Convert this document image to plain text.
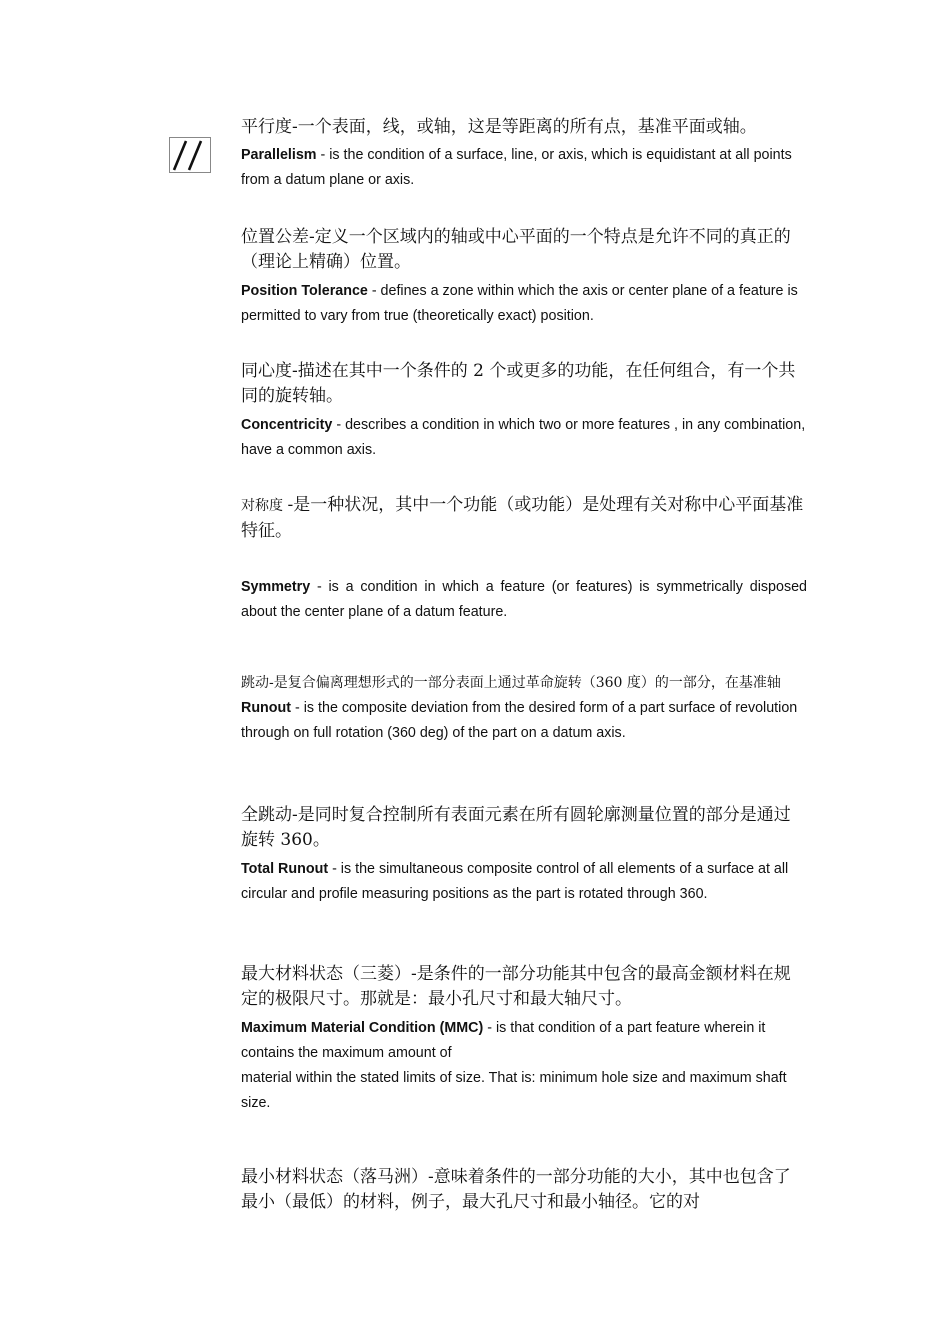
平行度-一个表面，线，或轴，这是等距离的所有点，基准平面或轴。

Parallelism - is the condition of a surface, line, or axis, which is equidistant at all points from a datum plane or axis.

位置公差-定义一个区域内的轴或中心平面的一个特点是允许不同的真正的（理论上精确）位置。

Position Tolerance - defines a zone within which the axis or center plane of a feature is permitted to vary from true (theoretically exact) position.

同心度-描述在其中一个条件的 2 个或更多的功能，在任何组合，有一个共同的旋转轴。

Concentricity - describes a condition in which two or more features , in any combination, have a common axis.

对称度 -是一种状况，其中一个功能（或功能）是处理有关对称中心平面基准特征。

Symmetry - is a condition in which a feature (or features) is symmetrically disposed about the center plane of a datum feature.

跳动-是复合偏离理想形式的一部分表面上通过革命旋转（360 度）的一部分，在基准轴

Runout - is the composite deviation from the desired form of a part surface of revolution through on full rotation (360 deg) of the part on a datum axis.

全跳动-是同时复合控制所有表面元素在所有圆轮廓测量位置的部分是通过旋转 360。

Total Runout - is the simultaneous composite control of all elements of a surface at all circular and profile measuring positions as the part is rotated through 360.

最大材料状态（三菱）-是条件的一部分功能其中包含的最高金额材料在规定的极限尺寸。那就是：最小孔尺寸和最大轴尺寸。

Maximum Material Condition (MMC) - is that condition of a part feature wherein it contains the maximum amount of

material within the stated limits of size. That is: minimum hole size and maximum shaft size.

最小材料状态（落马洲）-意味着条件的一部分功能的大小，其中也包含了最小（最低）的材料，例子，最大孔尺寸和最小轴径。它的对
